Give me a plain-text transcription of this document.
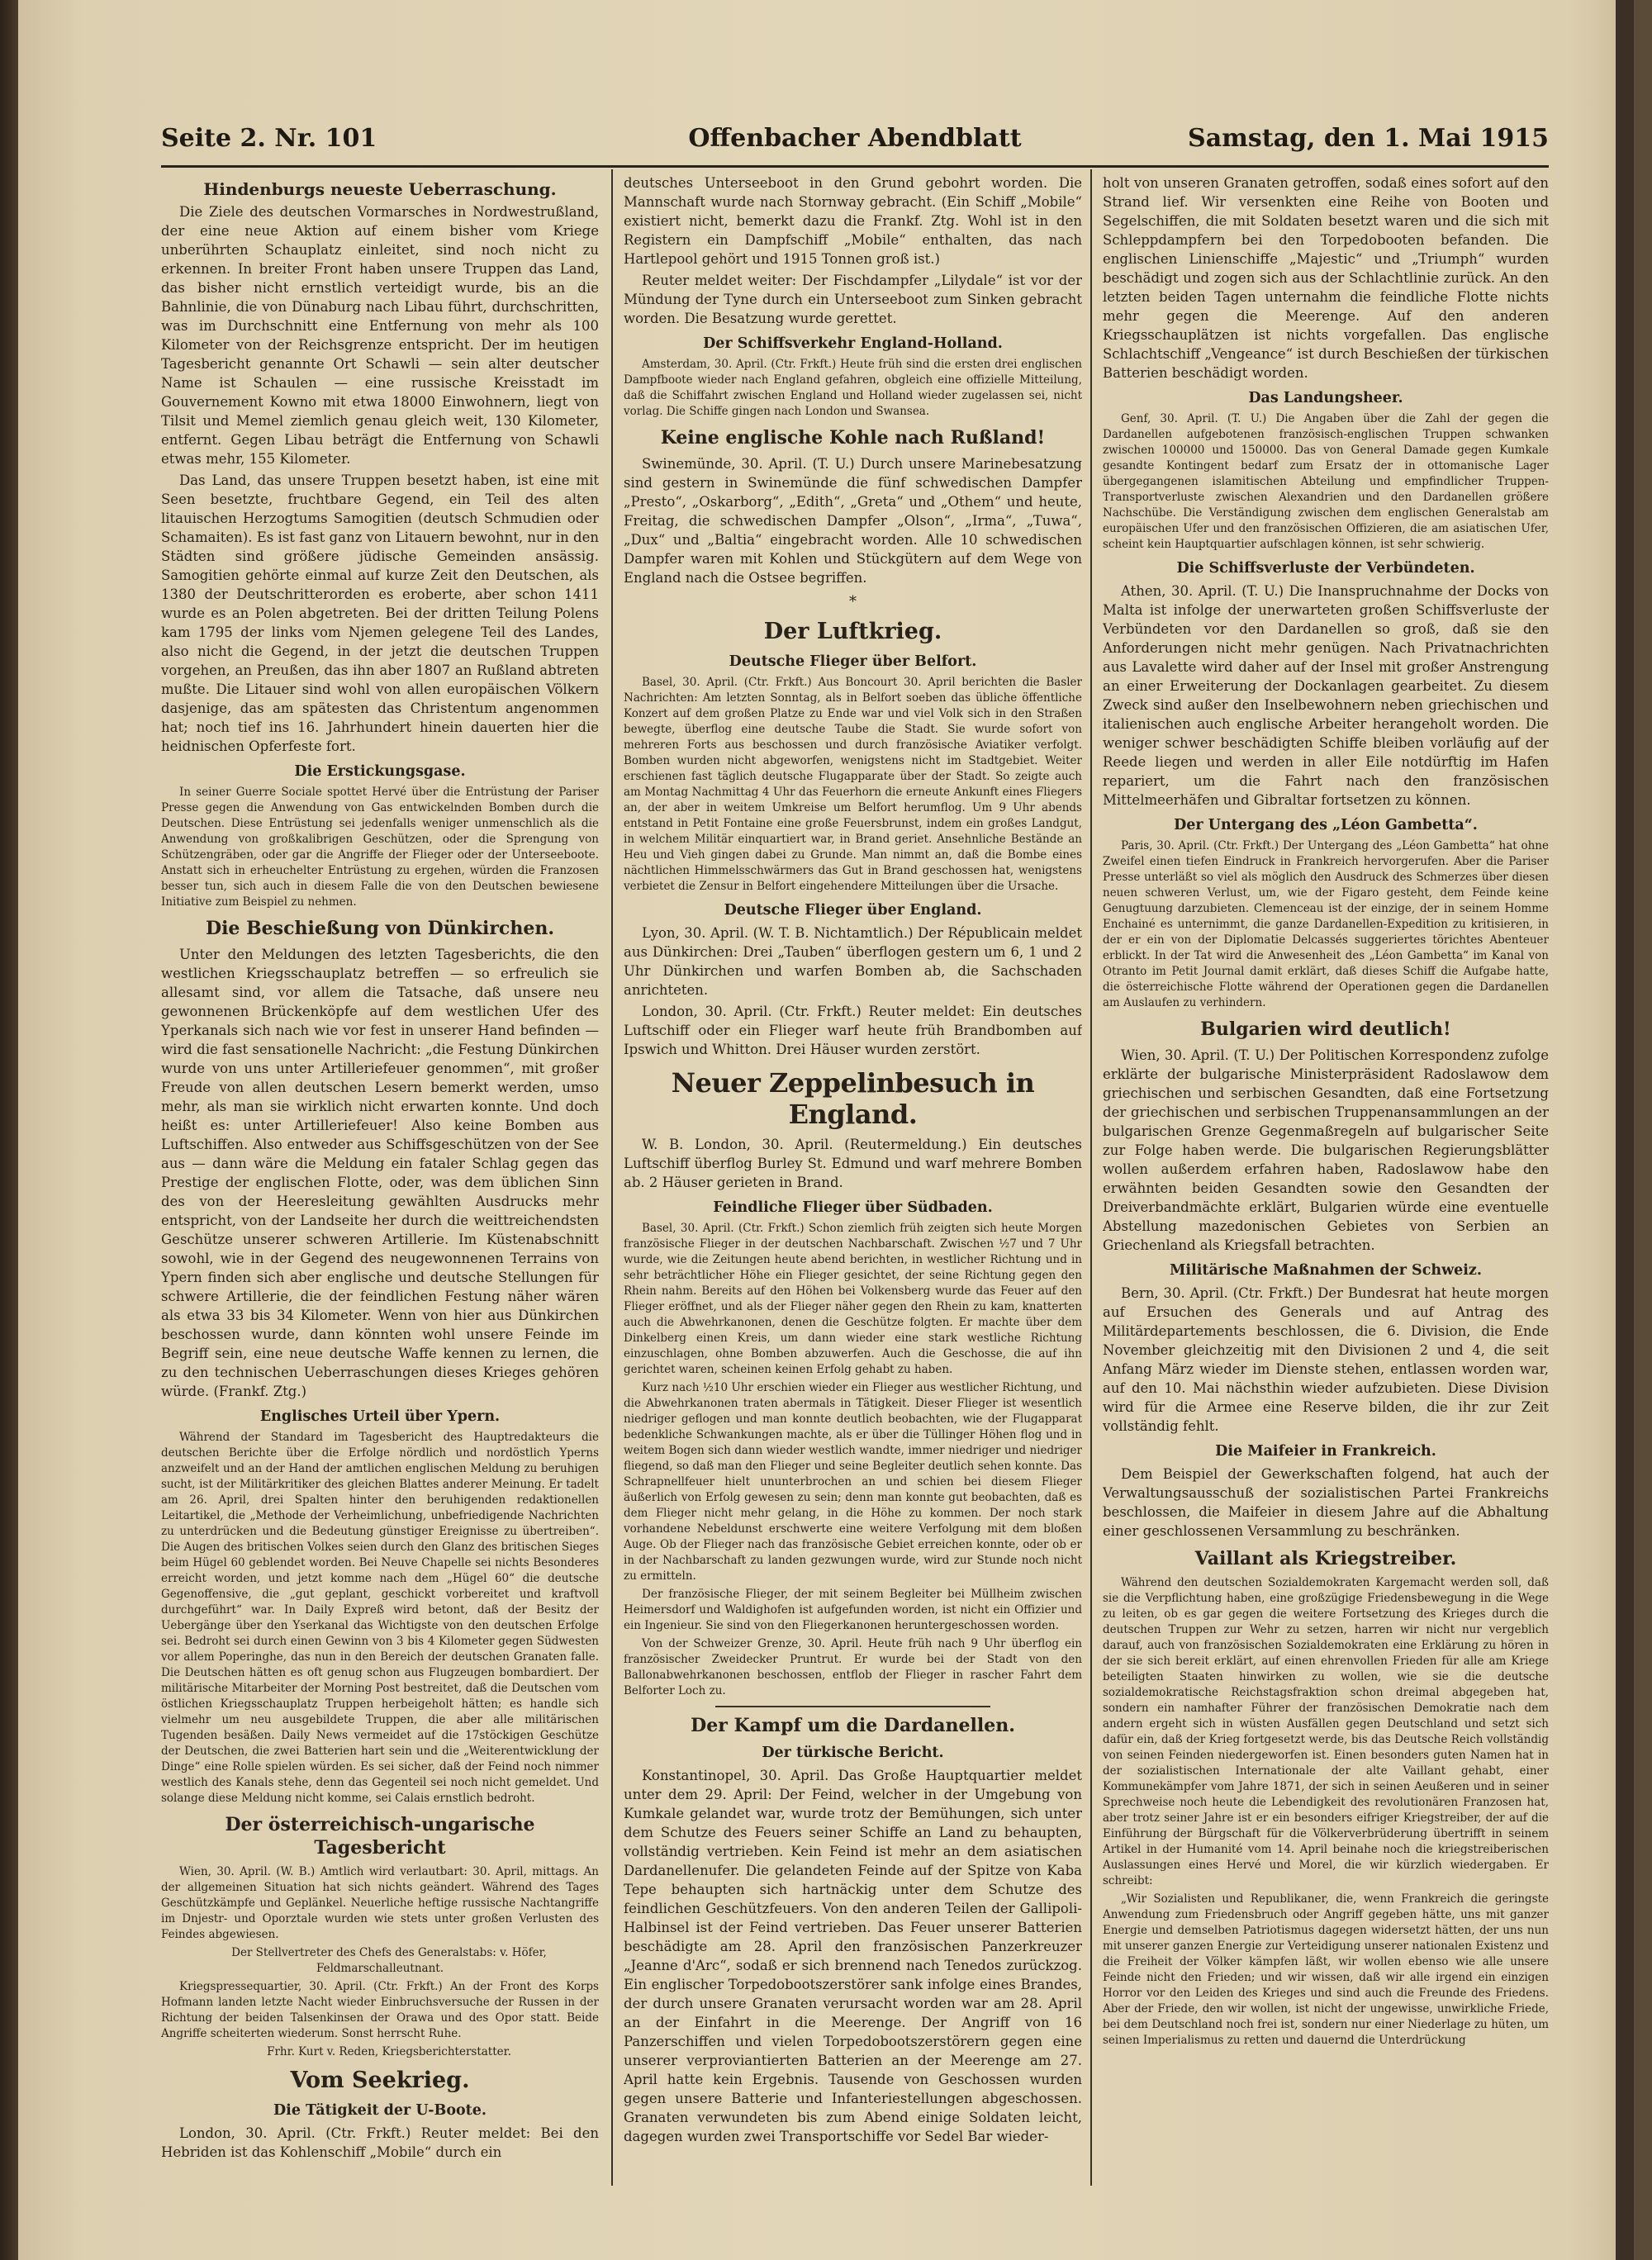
Seite 2. Nr. 101	Offenbacher Abendblatt	Samstag, den 1. Mai 1915
Hindenburgs neueste Ueberraschung.

Die Ziele des deutschen Vormarsches in Nordwestrußland, der eine neue Aktion auf einem bisher vom Kriege unberührten Schauplatz einleitet, sind noch nicht zu erkennen. In breiter Front haben unsere Truppen das Land, das bisher nicht ernstlich verteidigt wurde, bis an die Bahnlinie, die von Dünaburg nach Libau führt, durchschritten, was im Durchschnitt eine Entfernung von mehr als 100 Kilometer von der Reichsgrenze entspricht. Der im heutigen Tagesbericht genannte Ort Schawli — sein alter deutscher Name ist Schaulen — eine russische Kreisstadt im Gouvernement Kowno mit etwa 18000 Einwohnern, liegt von Tilsit und Memel ziemlich genau gleich weit, 130 Kilometer, entfernt. Gegen Libau beträgt die Entfernung von Schawli etwas mehr, 155 Kilometer.

Das Land, das unsere Truppen besetzt haben, ist eine mit Seen besetzte, fruchtbare Gegend, ein Teil des alten litauischen Herzogtums Samogitien (deutsch Schmudien oder Schamaiten). Es ist fast ganz von Litauern bewohnt, nur in den Städten sind größere jüdische Gemeinden ansässig. Samogitien gehörte einmal auf kurze Zeit den Deutschen, als 1380 der Deutschritterorden es eroberte, aber schon 1411 wurde es an Polen abgetreten. Bei der dritten Teilung Polens kam 1795 der links vom Njemen gelegene Teil des Landes, also nicht die Gegend, in der jetzt die deutschen Truppen vorgehen, an Preußen, das ihn aber 1807 an Rußland abtreten mußte. Die Litauer sind wohl von allen europäischen Völkern dasjenige, das am spätesten das Christentum angenommen hat; noch tief ins 16. Jahrhundert hinein dauerten hier die heidnischen Opferfeste fort.

Die Erstickungsgase.

In seiner Guerre Sociale spottet Hervé über die Entrüstung der Pariser Presse gegen die Anwendung von Gas entwickelnden Bomben durch die Deutschen. Diese Entrüstung sei jedenfalls weniger unmenschlich als die Anwendung von großkalibrigen Geschützen, oder die Sprengung von Schützengräben, oder gar die Angriffe der Flieger oder der Unterseeboote. Anstatt sich in erheuchelter Entrüstung zu ergehen, würden die Franzosen besser tun, sich auch in diesem Falle die von den Deutschen bewiesene Initiative zum Beispiel zu nehmen.

Die Beschießung von Dünkirchen.

Unter den Meldungen des letzten Tagesberichts, die den westlichen Kriegsschauplatz betreffen — so erfreulich sie allesamt sind, vor allem die Tatsache, daß unsere neu gewonnenen Brückenköpfe auf dem westlichen Ufer des Yperkanals sich nach wie vor fest in unserer Hand befinden — wird die fast sensationelle Nachricht: „die Festung Dünkirchen wurde von uns unter Artilleriefeuer genommen“, mit großer Freude von allen deutschen Lesern bemerkt werden, umso mehr, als man sie wirklich nicht erwarten konnte. Und doch heißt es: unter Artilleriefeuer! Also keine Bomben aus Luftschiffen. Also entweder aus Schiffsgeschützen von der See aus — dann wäre die Meldung ein fataler Schlag gegen das Prestige der englischen Flotte, oder, was dem üblichen Sinn des von der Heeresleitung gewählten Ausdrucks mehr entspricht, von der Landseite her durch die weittreichendsten Geschütze unserer schweren Artillerie. Im Küstenabschnitt sowohl, wie in der Gegend des neugewonnenen Terrains von Ypern finden sich aber englische und deutsche Stellungen für schwere Artillerie, die der feindlichen Festung näher wären als etwa 33 bis 34 Kilometer. Wenn von hier aus Dünkirchen beschossen wurde, dann könnten wohl unsere Feinde im Begriff sein, eine neue deutsche Waffe kennen zu lernen, die zu den technischen Ueberraschungen dieses Krieges gehören würde. (Frankf. Ztg.)

Englisches Urteil über Ypern.

Während der Standard im Tagesbericht des Hauptredakteurs die deutschen Berichte über die Erfolge nördlich und nordöstlich Yperns anzweifelt und an der Hand der amtlichen englischen Meldung zu beruhigen sucht, ist der Militärkritiker des gleichen Blattes anderer Meinung. Er tadelt am 26. April, drei Spalten hinter den beruhigenden redaktionellen Leitartikel, die „Methode der Verheimlichung, unbefriedigende Nachrichten zu unterdrücken und die Bedeutung günstiger Ereignisse zu übertreiben“. Die Augen des britischen Volkes seien durch den Glanz des britischen Sieges beim Hügel 60 geblendet worden. Bei Neuve Chapelle sei nichts Besonderes erreicht worden, und jetzt komme nach dem „Hügel 60“ die deutsche Gegenoffensive, die „gut geplant, geschickt vorbereitet und kraftvoll durchgeführt“ war. In Daily Expreß wird betont, daß der Besitz der Uebergänge über den Yserkanal das Wichtigste von den deutschen Erfolge sei. Bedroht sei durch einen Gewinn von 3 bis 4 Kilometer gegen Südwesten vor allem Poperinghe, das nun in den Bereich der deutschen Granaten falle. Die Deutschen hätten es oft genug schon aus Flugzeugen bombardiert. Der militärische Mitarbeiter der Morning Post bestreitet, daß die Deutschen vom östlichen Kriegsschauplatz Truppen herbeigeholt hätten; es handle sich vielmehr um neu ausgebildete Truppen, die aber alle militärischen Tugenden besäßen. Daily News vermeidet auf die 17stöckigen Geschütze der Deutschen, die zwei Batterien hart sein und die „Weiterentwicklung der Dinge“ eine Rolle spielen würden. Es sei sicher, daß der Feind noch nimmer westlich des Kanals stehe, denn das Gegenteil sei noch nicht gemeldet. Und solange diese Meldung nicht komme, sei Calais ernstlich bedroht.

Der österreichisch-ungarische Tagesbericht

Wien, 30. April. (W. B.) Amtlich wird verlautbart: 30. April, mittags. An der allgemeinen Situation hat sich nichts geändert. Während des Tages Geschützkämpfe und Geplänkel. Neuerliche heftige russische Nachtangriffe im Dnjestr- und Oporztale wurden wie stets unter großen Verlusten des Feindes abgewiesen.

Der Stellvertreter des Chefs des Generalstabs: v. Höfer, Feldmarschalleutnant.

Kriegspressequartier, 30. April. (Ctr. Frkft.) An der Front des Korps Hofmann landen letzte Nacht wieder Einbruchsversuche der Russen in der Richtung der beiden Talsenkinsen der Orawa und des Opor statt. Beide Angriffe scheiterten wiederum. Sonst herrscht Ruhe.

Frhr. Kurt v. Reden, Kriegsberichterstatter.

Vom Seekrieg.
Die Tätigkeit der U-Boote.

London, 30. April. (Ctr. Frkft.) Reuter meldet: Bei den Hebriden ist das Kohlenschiff „Mobile“ durch ein

deutsches Unterseeboot in den Grund gebohrt worden. Die Mannschaft wurde nach Stornway gebracht. (Ein Schiff „Mobile“ existiert nicht, bemerkt dazu die Frankf. Ztg. Wohl ist in den Registern ein Dampfschiff „Mobile“ enthalten, das nach Hartlepool gehört und 1915 Tonnen groß ist.)

Reuter meldet weiter: Der Fischdampfer „Lilydale“ ist vor der Mündung der Tyne durch ein Unterseeboot zum Sinken gebracht worden. Die Besatzung wurde gerettet.

Der Schiffsverkehr England-Holland.

Amsterdam, 30. April. (Ctr. Frkft.) Heute früh sind die ersten drei englischen Dampfboote wieder nach England gefahren, obgleich eine offizielle Mitteilung, daß die Schiffahrt zwischen England und Holland wieder zugelassen sei, nicht vorlag. Die Schiffe gingen nach London und Swansea.

Keine englische Kohle nach Rußland!

Swinemünde, 30. April. (T. U.) Durch unsere Marinebesatzung sind gestern in Swinemünde die fünf schwedischen Dampfer „Presto“, „Oskarborg“, „Edith“, „Greta“ und „Othem“ und heute, Freitag, die schwedischen Dampfer „Olson“, „Irma“, „Tuwa“, „Dux“ und „Baltia“ eingebracht worden. Alle 10 schwedischen Dampfer waren mit Kohlen und Stückgütern auf dem Wege von England nach die Ostsee begriffen.

*
Der Luftkrieg.
Deutsche Flieger über Belfort.

Basel, 30. April. (Ctr. Frkft.) Aus Boncourt 30. April berichten die Basler Nachrichten: Am letzten Sonntag, als in Belfort soeben das übliche öffentliche Konzert auf dem großen Platze zu Ende war und viel Volk sich in den Straßen bewegte, überflog eine deutsche Taube die Stadt. Sie wurde sofort von mehreren Forts aus beschossen und durch französische Aviatiker verfolgt. Bomben wurden nicht abgeworfen, wenigstens nicht im Stadtgebiet. Weiter erschienen fast täglich deutsche Flugapparate über der Stadt. So zeigte auch am Montag Nachmittag 4 Uhr das Feuerhorn die erneute Ankunft eines Fliegers an, der aber in weitem Umkreise um Belfort herumflog. Um 9 Uhr abends entstand in Petit Fontaine eine große Feuersbrunst, indem ein großes Landgut, in welchem Militär einquartiert war, in Brand geriet. Ansehnliche Bestände an Heu und Vieh gingen dabei zu Grunde. Man nimmt an, daß die Bombe eines nächtlichen Himmelsschwärmers das Gut in Brand geschossen hat, wenigstens verbietet die Zensur in Belfort eingehendere Mitteilungen über die Ursache.

Deutsche Flieger über England.

Lyon, 30. April. (W. T. B. Nichtamtlich.) Der Républicain meldet aus Dünkirchen: Drei „Tauben“ überflogen gestern um 6, 1 und 2 Uhr Dünkirchen und warfen Bomben ab, die Sachschaden anrichteten.

London, 30. April. (Ctr. Frkft.) Reuter meldet: Ein deutsches Luftschiff oder ein Flieger warf heute früh Brandbomben auf Ipswich und Whitton. Drei Häuser wurden zerstört.

Neuer Zeppelinbesuch in England.

W. B. London, 30. April. (Reutermeldung.) Ein deutsches Luftschiff überflog Burley St. Edmund und warf mehrere Bomben ab. 2 Häuser gerieten in Brand.

Feindliche Flieger über Südbaden.

Basel, 30. April. (Ctr. Frkft.) Schon ziemlich früh zeigten sich heute Morgen französische Flieger in der deutschen Nachbarschaft. Zwischen ½7 und 7 Uhr wurde, wie die Zeitungen heute abend berichten, in westlicher Richtung und in sehr beträchtlicher Höhe ein Flieger gesichtet, der seine Richtung gegen den Rhein nahm. Bereits auf den Höhen bei Volkensberg wurde das Feuer auf den Flieger eröffnet, und als der Flieger näher gegen den Rhein zu kam, knatterten auch die Abwehrkanonen, denen die Geschütze folgten. Er machte über dem Dinkelberg einen Kreis, um dann wieder eine stark westliche Richtung einzuschlagen, ohne Bomben abzuwerfen. Auch die Geschosse, die auf ihn gerichtet waren, scheinen keinen Erfolg gehabt zu haben.

Kurz nach ½10 Uhr erschien wieder ein Flieger aus westlicher Richtung, und die Abwehrkanonen traten abermals in Tätigkeit. Dieser Flieger ist wesentlich niedriger geflogen und man konnte deutlich beobachten, wie der Flugapparat bedenkliche Schwankungen machte, als er über die Tüllinger Höhen flog und in weitem Bogen sich dann wieder westlich wandte, immer niedriger und niedriger fliegend, so daß man den Flieger und seine Begleiter deutlich sehen konnte. Das Schrapnellfeuer hielt ununterbrochen an und schien bei diesem Flieger äußerlich von Erfolg gewesen zu sein; denn man konnte gut beobachten, daß es dem Flieger nicht mehr gelang, in die Höhe zu kommen. Der noch stark vorhandene Nebeldunst erschwerte eine weitere Verfolgung mit dem bloßen Auge. Ob der Flieger nach das französische Gebiet erreichen konnte, oder ob er in der Nachbarschaft zu landen gezwungen wurde, wird zur Stunde noch nicht zu ermitteln.

Der französische Flieger, der mit seinem Begleiter bei Müllheim zwischen Heimersdorf und Waldighofen ist aufgefunden worden, ist nicht ein Offizier und ein Ingenieur. Sie sind von den Fliegerkanonen heruntergeschossen worden.

Von der Schweizer Grenze, 30. April. Heute früh nach 9 Uhr überflog ein französischer Zweidecker Pruntrut. Er wurde bei der Stadt von den Ballonabwehrkanonen beschossen, entflob der Flieger in rascher Fahrt dem Belforter Loch zu.

Der Kampf um die Dardanellen.
Der türkische Bericht.

Konstantinopel, 30. April. Das Große Hauptquartier meldet unter dem 29. April: Der Feind, welcher in der Umgebung von Kumkale gelandet war, wurde trotz der Bemühungen, sich unter dem Schutze des Feuers seiner Schiffe an Land zu behaupten, vollständig vertrieben. Kein Feind ist mehr an dem asiatischen Dardanellenufer. Die gelandeten Feinde auf der Spitze von Kaba Tepe behaupten sich hartnäckig unter dem Schutze des feindlichen Geschützfeuers. Von den anderen Teilen der Gallipoli-Halbinsel ist der Feind vertrieben. Das Feuer unserer Batterien beschädigte am 28. April den französischen Panzerkreuzer „Jeanne d'Arc“, sodaß er sich brennend nach Tenedos zurückzog. Ein englischer Torpedobootszerstörer sank infolge eines Brandes, der durch unsere Granaten verursacht worden war am 28. April an der Einfahrt in die Meerenge. Der Angriff von 16 Panzerschiffen und vielen Torpedobootszerstörern gegen eine unserer verproviantierten Batterien an der Meerenge am 27. April hatte kein Ergebnis. Tausende von Geschossen wurden gegen unsere Batterie und Infanteriestellungen abgeschossen. Granaten verwundeten bis zum Abend einige Soldaten leicht, dagegen wurden zwei Transportschiffe vor Sedel Bar wieder-

holt von unseren Granaten getroffen, sodaß eines sofort auf den Strand lief. Wir versenkten eine Reihe von Booten und Segelschiffen, die mit Soldaten besetzt waren und die sich mit Schleppdampfern bei den Torpedobooten befanden. Die englischen Linienschiffe „Majestic“ und „Triumph“ wurden beschädigt und zogen sich aus der Schlachtlinie zurück. An den letzten beiden Tagen unternahm die feindliche Flotte nichts mehr gegen die Meerenge. Auf den anderen Kriegsschauplätzen ist nichts vorgefallen. Das englische Schlachtschiff „Vengeance“ ist durch Beschießen der türkischen Batterien beschädigt worden.

Das Landungsheer.

Genf, 30. April. (T. U.) Die Angaben über die Zahl der gegen die Dardanellen aufgebotenen französisch-englischen Truppen schwanken zwischen 100000 und 150000. Das von General Damade gegen Kumkale gesandte Kontingent bedarf zum Ersatz der in ottomanische Lager übergegangenen islamitischen Abteilung und empfindlicher Truppen-Transportverluste zwischen Alexandrien und den Dardanellen größere Nachschübe. Die Verständigung zwischen dem englischen Generalstab am europäischen Ufer und den französischen Offizieren, die am asiatischen Ufer, scheint kein Hauptquartier aufschlagen können, ist sehr schwierig.

Die Schiffsverluste der Verbündeten.

Athen, 30. April. (T. U.) Die Inanspruchnahme der Docks von Malta ist infolge der unerwarteten großen Schiffsverluste der Verbündeten vor den Dardanellen so groß, daß sie den Anforderungen nicht mehr genügen. Nach Privatnachrichten aus Lavalette wird daher auf der Insel mit großer Anstrengung an einer Erweiterung der Dockanlagen gearbeitet. Zu diesem Zweck sind außer den Inselbewohnern neben griechischen und italienischen auch englische Arbeiter herangeholt worden. Die weniger schwer beschädigten Schiffe bleiben vorläufig auf der Reede liegen und werden in aller Eile notdürftig im Hafen repariert, um die Fahrt nach den französischen Mittelmeerhäfen und Gibraltar fortsetzen zu können.

Der Untergang des „Léon Gambetta“.

Paris, 30. April. (Ctr. Frkft.) Der Untergang des „Léon Gambetta“ hat ohne Zweifel einen tiefen Eindruck in Frankreich hervorgerufen. Aber die Pariser Presse unterläßt so viel als möglich den Ausdruck des Schmerzes über diesen neuen schweren Verlust, um, wie der Figaro gesteht, dem Feinde keine Genugtuung darzubieten. Clemenceau ist der einzige, der in seinem Homme Enchainé es unternimmt, die ganze Dardanellen-Expedition zu kritisieren, in der er ein von der Diplomatie Delcassés suggeriertes törichtes Abenteuer erblickt. In der Tat wird die Anwesenheit des „Léon Gambetta“ im Kanal von Otranto im Petit Journal damit erklärt, daß dieses Schiff die Aufgabe hatte, die österreichische Flotte während der Operationen gegen die Dardanellen am Auslaufen zu verhindern.

Bulgarien wird deutlich!

Wien, 30. April. (T. U.) Der Politischen Korrespondenz zufolge erklärte der bulgarische Ministerpräsident Radoslawow dem griechischen und serbischen Gesandten, daß eine Fortsetzung der griechischen und serbischen Truppenansammlungen an der bulgarischen Grenze Gegenmaßregeln auf bulgarischer Seite zur Folge haben werde. Die bulgarischen Regierungsblätter wollen außerdem erfahren haben, Radoslawow habe den erwähnten beiden Gesandten sowie den Gesandten der Dreiverbandmächte erklärt, Bulgarien würde eine eventuelle Abstellung mazedonischen Gebietes von Serbien an Griechenland als Kriegsfall betrachten.

Militärische Maßnahmen der Schweiz.

Bern, 30. April. (Ctr. Frkft.) Der Bundesrat hat heute morgen auf Ersuchen des Generals und auf Antrag des Militärdepartements beschlossen, die 6. Division, die Ende November gleichzeitig mit den Divisionen 2 und 4, die seit Anfang März wieder im Dienste stehen, entlassen worden war, auf den 10. Mai nächsthin wieder aufzubieten. Diese Division wird für die Armee eine Reserve bilden, die ihr zur Zeit vollständig fehlt.

Die Maifeier in Frankreich.

Dem Beispiel der Gewerkschaften folgend, hat auch der Verwaltungsausschuß der sozialistischen Partei Frankreichs beschlossen, die Maifeier in diesem Jahre auf die Abhaltung einer geschlossenen Versammlung zu beschränken.

Vaillant als Kriegstreiber.

Während den deutschen Sozialdemokraten Kargemacht werden soll, daß sie die Verpflichtung haben, eine großzügige Friedensbewegung in die Wege zu leiten, ob es gar gegen die weitere Fortsetzung des Krieges durch die deutschen Truppen zur Wehr zu setzen, harren wir nicht nur vergeblich darauf, auch von französischen Sozialdemokraten eine Erklärung zu hören in der sie sich bereit erklärt, auf einen ehrenvollen Frieden für alle am Kriege beteiligten Staaten hinwirken zu wollen, wie sie die deutsche sozialdemokratische Reichstagsfraktion schon dreimal abgegeben hat, sondern ein namhafter Führer der französischen Demokratie nach dem andern ergeht sich in wüsten Ausfällen gegen Deutschland und setzt sich dafür ein, daß der Krieg fortgesetzt werde, bis das Deutsche Reich vollständig von seinen Feinden niedergeworfen ist. Einen besonders guten Namen hat in der sozialistischen Internationale der alte Vaillant gehabt, einer Kommunekämpfer vom Jahre 1871, der sich in seinen Aeußeren und in seiner Sprechweise noch heute die Lebendigkeit des revolutionären Franzosen hat, aber trotz seiner Jahre ist er ein besonders eifriger Kriegstreiber, der auf die Einführung der Bürgschaft für die Völkerverbrüderung übertrifft in seinem Artikel in der Humanité vom 14. April beinahe noch die kriegstreiberischen Auslassungen eines Hervé und Morel, die wir kürzlich wiedergaben. Er schreibt:

„Wir Sozialisten und Republikaner, die, wenn Frankreich die geringste Anwendung zum Friedensbruch oder Angriff gegeben hätte, uns mit ganzer Energie und demselben Patriotismus dagegen widersetzt hätten, der uns nun mit unserer ganzen Energie zur Verteidigung unserer nationalen Existenz und die Freiheit der Völker kämpfen läßt, wir wollen ebenso wie alle unsere Feinde nicht den Frieden; und wir wissen, daß wir alle irgend ein einzigen Horror vor den Leiden des Krieges und sind auch die Freunde des Friedens. Aber der Friede, den wir wollen, ist nicht der ungewisse, unwirkliche Friede, bei dem Deutschland noch frei ist, sondern nur einer Niederlage zu hüten, um seinen Imperialismus zu retten und dauernd die Unterdrückung
